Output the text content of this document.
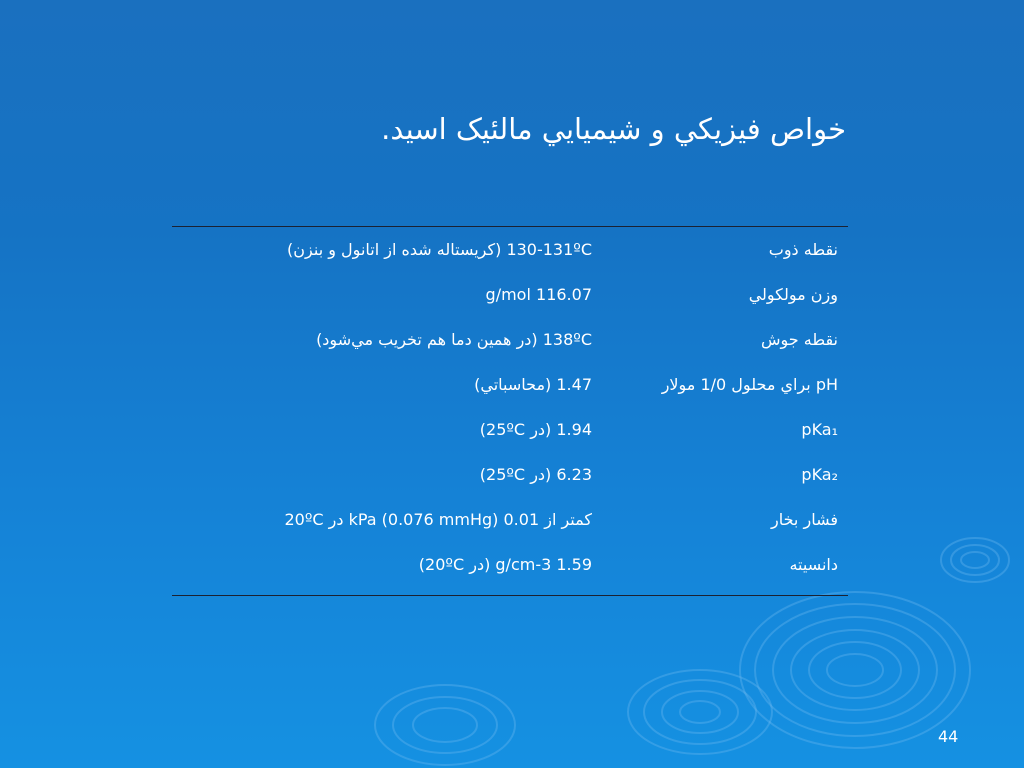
خواص فيزيكي و شيميايي مالئيک اسيد.
نقطه ذوب
130-131ºC (کريستاله شده از اتانول و بنزن)
وزن مولکولي
116.07 g/mol
نقطه جوش
138ºC (در همين دما هم تخريب مي‌شود)
pH براي محلول 1/0 مولار
1.47 (محاسباتي)
pKa₁
1.94 (در 25ºC)
pKa₂
6.23 (در 25ºC)
فشار بخار
کمتر از 0.01 kPa (0.076 mmHg) در 20ºC
دانسيته
1.59 g/cm-3 (در 20ºC)
44
